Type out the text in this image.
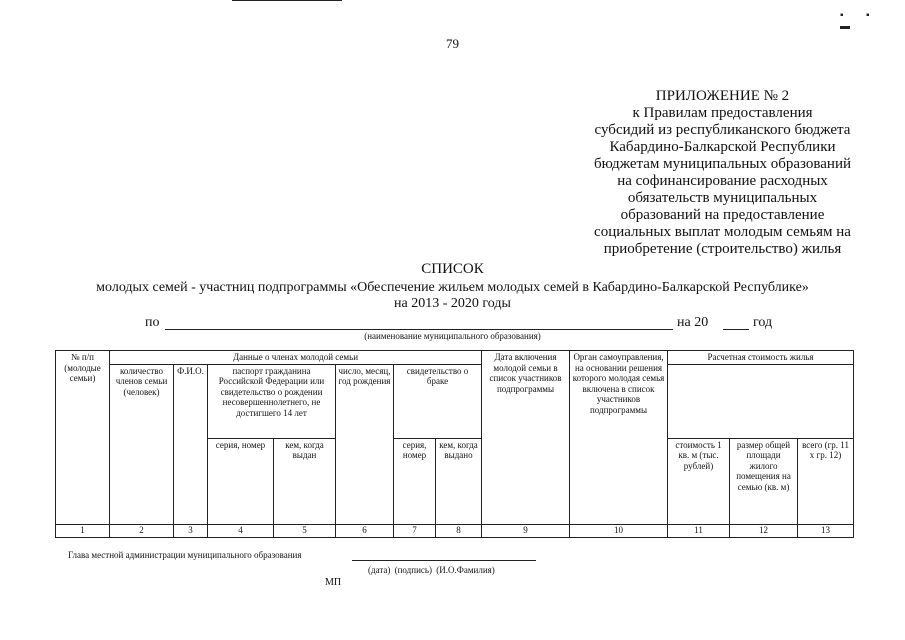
▪ ▪ ▬
79
ПРИЛОЖЕНИЕ № 2
к Правилам предоставления
субсидий из республиканского бюджета
Кабардино-Балкарской Республики
бюджетам муниципальных образований
на софинансирование расходных
обязательств муниципальных
образований на предоставление
социальных выплат молодым семьям на
приобретение (строительство) жилья
СПИСОК
молодых семей - участниц подпрограммы «Обеспечение жильем молодых семей в Кабардино-Балкарской Республике»
на 2013 - 2020 годы
по	на 20	год
(наименование муниципального образования)
№ п/п (молодые семьи)	Данные о членах молодой семьи							Дата включения молодой семьи в список участников подпрограммы	Орган самоуправления, на основании решения которого молодая семья включена в список участников подпрограммы	Расчетная стоимость жилья		
	количество членов семьи (человек)	Ф.И.О.	паспорт гражданина Российской Федерации или свидетельство о рождении несовершеннолетнего, не достигшего 14 лет		число, месяц, год рождения	свидетельство о браке						
			серия, номер	кем, когда выдан		серия, номер	кем, когда выдано			стоимость 1 кв. м (тыс. рублей)	размер общей площади жилого помещения на семью (кв. м)	всего (гр. 11 x гр. 12)
1	2	3	4	5	6	7	8	9	10	11	12	13
Глава местной администрации муниципального образования
(дата) (подпись) (И.О.Фамилия)
МП
